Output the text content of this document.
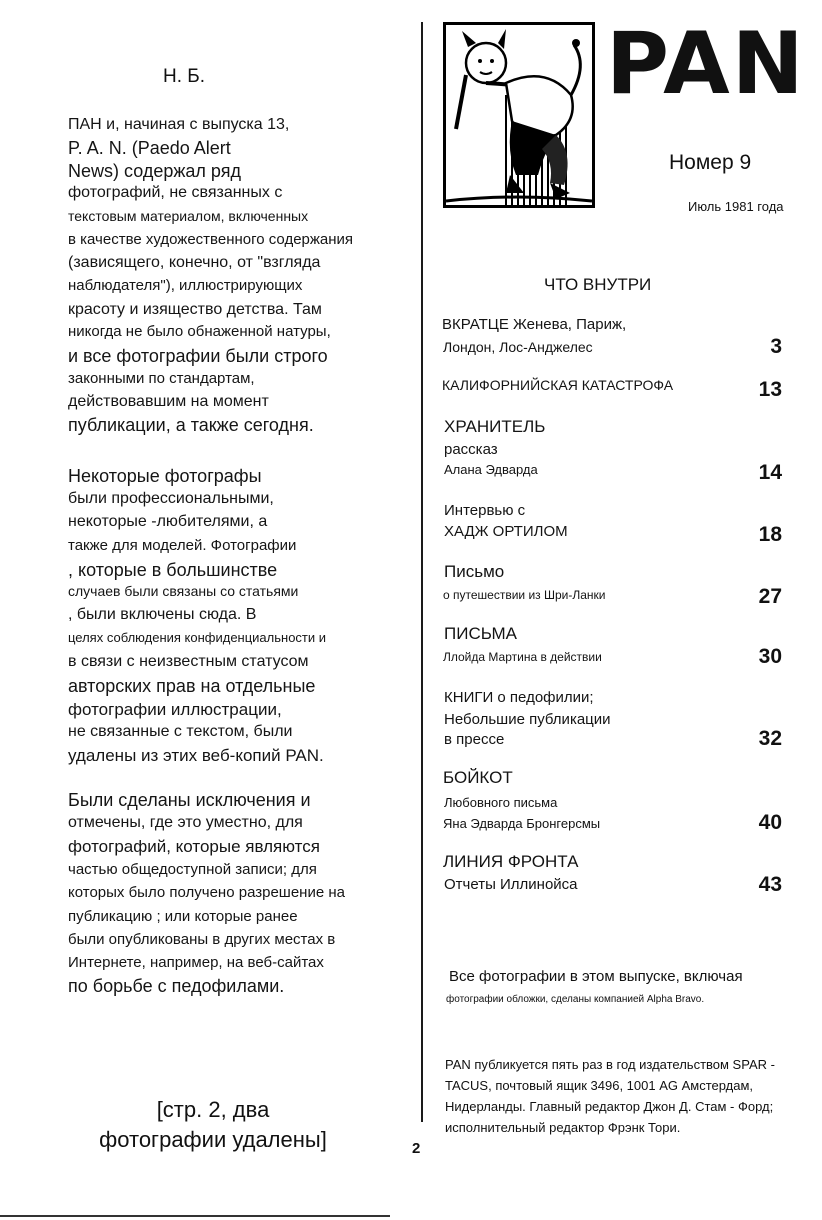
Н. Б.
ПАН и, начиная с выпуска 13,
P. A. N. (Paedo Alert
News) содержал ряд
фотографий, не связанных с
текстовым материалом, включенных
в качестве художественного содержания
(зависящего, конечно, от "взгляда
наблюдателя"), иллюстрирующих
красоту и изящество детства. Там
никогда не было обнаженной натуры,
и все фотографии были строго
законными по стандартам,
действовавшим на момент
публикации, а также сегодня.
Некоторые фотографы
были профессиональными,
некоторые -любителями, а
также для моделей. Фотографии
, которые в большинстве
случаев были связаны со статьями
, были включены сюда. В
целях соблюдения конфиденциальности и
в связи с неизвестным статусом
авторских прав на отдельные
фотографии иллюстрации,
не связанные с текстом, были
удалены из этих веб-копий PAN.
Были сделаны исключения и
отмечены, где это уместно, для
фотографий, которые являются
частью общедоступной записи; для
которых было получено разрешение на
публикацию ; или которые ранее
были опубликованы в других местах в
Интернете, например, на веб-сайтах
по борьбе с педофилами.
[стр. 2, два
фотографии удалены]
PAN
Номер 9
Июль 1981 года
ЧТО ВНУТРИ
ВКРАТЦЕ Женева, Париж,
Лондон, Лос-Анджелес	3
КАЛИФОРНИЙСКАЯ КАТАСТРОФА	13
ХРАНИТЕЛЬ
рассказ
Алана Эдварда	14
Интервью с
ХАДЖ ОРТИЛОМ	18
Письмо
о путешествии из Шри-Ланки	27
ПИСЬМА
Ллойда Мартина в действии	30
КНИГИ о педофилии;
Небольшие публикации
в прессе	32
БОЙКОТ
Любовного письма
Яна Эдварда Бронгерсмы	40
ЛИНИЯ ФРОНТА
Отчеты Иллинойса	43
Все фотографии в этом выпуске, включая
фотографии обложки, сделаны компанией Alpha Bravo.
PAN публикуется пять раз в год издательством SPAR - TACUS, почтовый ящик 3496, 1001 AG Амстердам, Нидерланды. Главный редактор Джон Д. Стам - Форд; исполнительный редактор Фрэнк Тори.
2
